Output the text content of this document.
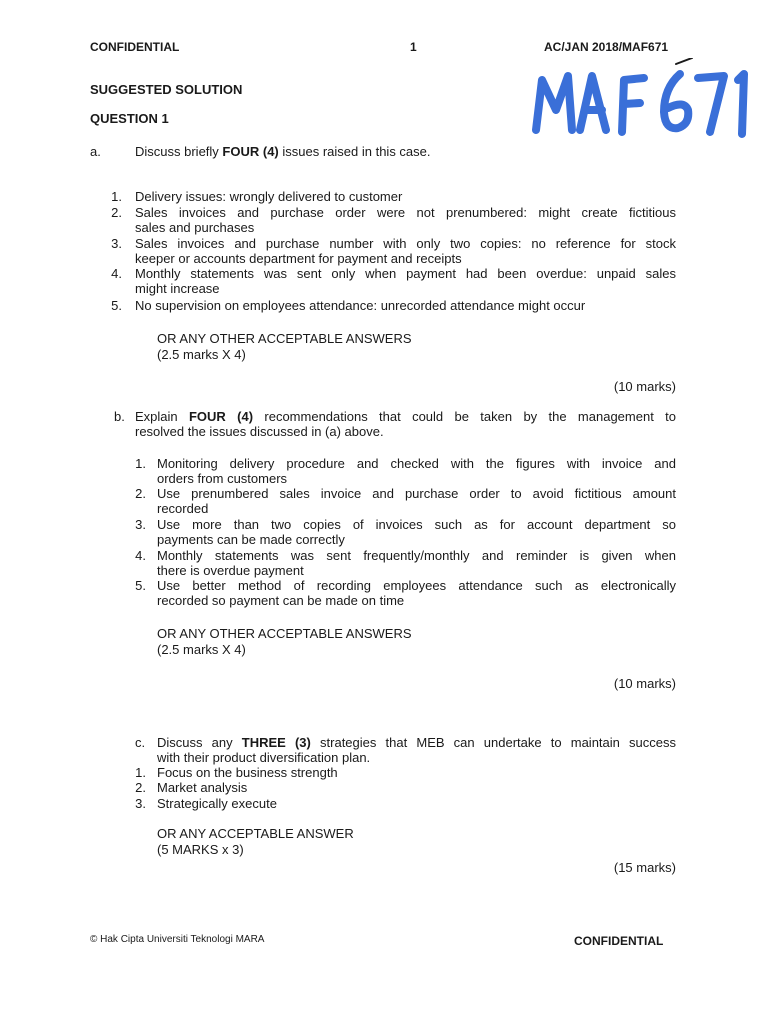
CONFIDENTIAL	1	AC/JAN 2018/MAF671
SUGGESTED SOLUTION
QUESTION 1
a.	Discuss briefly FOUR (4) issues raised in this case.
1. Delivery issues: wrongly delivered to customer
2. Sales invoices and purchase order were not prenumbered: might create fictitious
sales and purchases
3. Sales invoices and purchase number with only two copies: no reference for stock
keeper or accounts department for payment and receipts
4. Monthly statements was sent only when payment had been overdue: unpaid sales
might increase
5. No supervision on employees attendance: unrecorded attendance might occur
OR ANY OTHER ACCEPTABLE ANSWERS
(2.5 marks X 4)
(10 marks)
b. Explain FOUR (4) recommendations that could be taken by the management to
resolved the issues discussed in (a) above.
1. Monitoring delivery procedure and checked with the figures with invoice and
orders from customers
2. Use prenumbered sales invoice and purchase order to avoid fictitious amount
recorded
3. Use more than two copies of invoices such as for account department so
payments can be made correctly
4. Monthly statements was sent frequently/monthly and reminder is given when
there is overdue payment
5. Use better method of recording employees attendance such as electronically
recorded so payment can be made on time
OR ANY OTHER ACCEPTABLE ANSWERS
(2.5 marks X 4)
(10 marks)
c. Discuss any THREE (3) strategies that MEB can undertake to maintain success
with their product diversification plan.
1. Focus on the business strength
2. Market analysis
3. Strategically execute
OR ANY ACCEPTABLE ANSWER
(5 MARKS x 3)
(15 marks)
© Hak Cipta Universiti Teknologi MARA	CONFIDENTIAL
